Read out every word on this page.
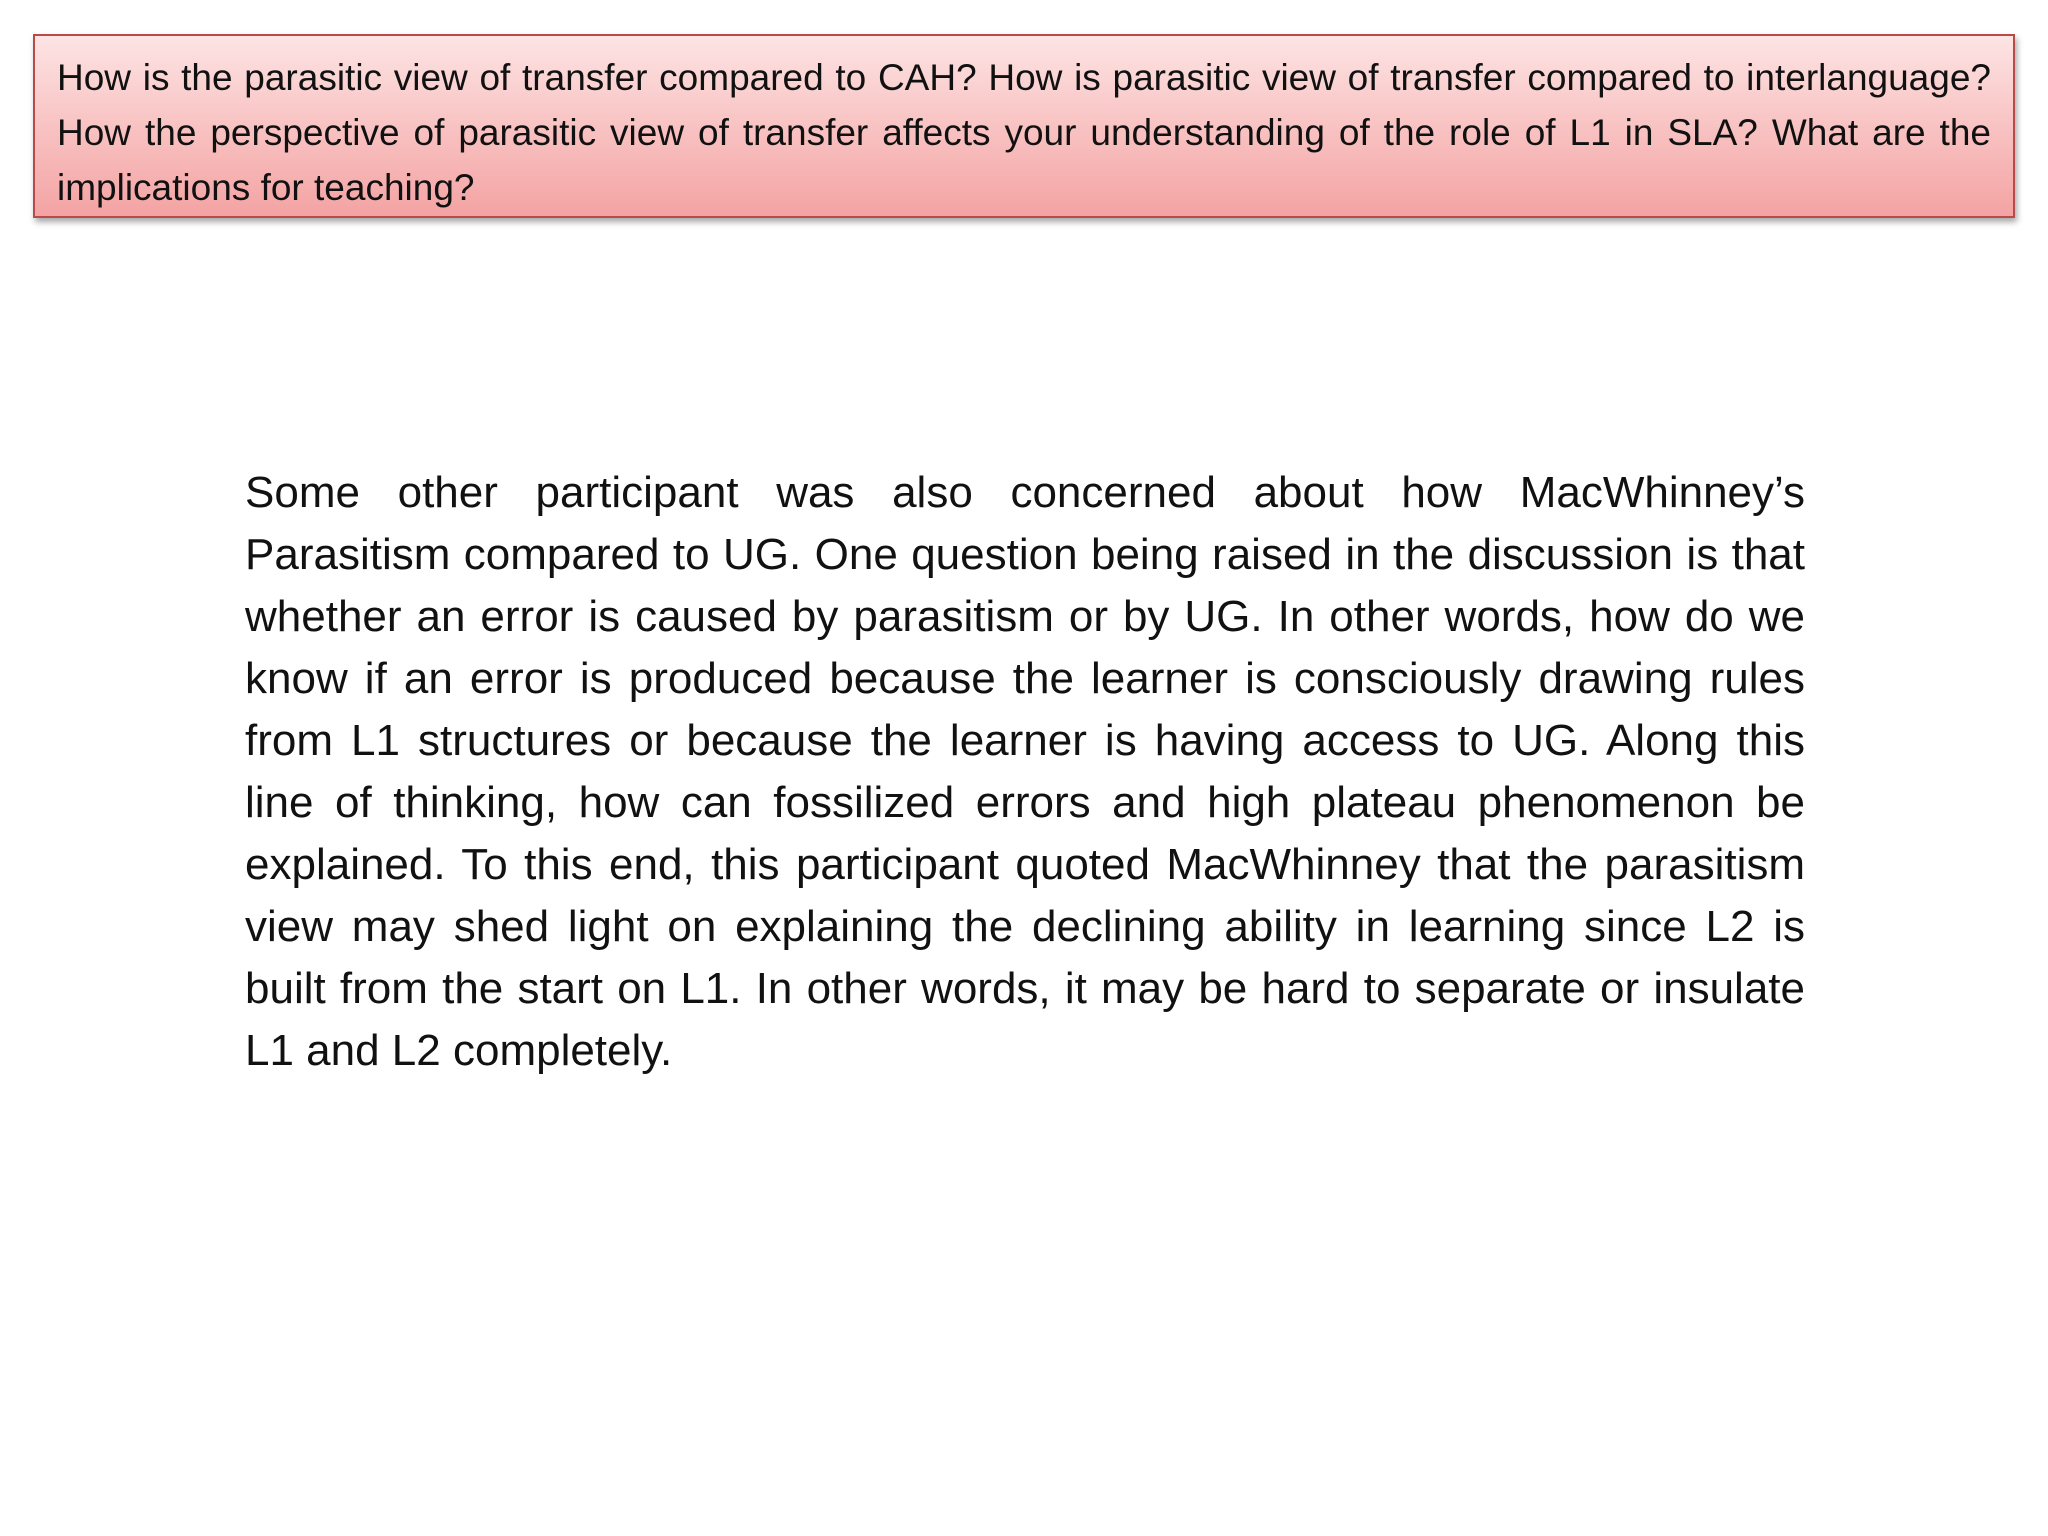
How is the parasitic view of transfer compared to CAH? How is parasitic view of transfer compared to interlanguage? How the perspective of parasitic view of transfer affects your understanding of the role of L1 in SLA? What are the implications for teaching?

Some other participant was also concerned about how MacWhinney’s Parasitism compared to UG. One question being raised in the discussion is that whether an error is caused by parasitism or by UG. In other words, how do we know if an error is produced because the learner is consciously drawing rules from L1 structures or because the learner is having access to UG. Along this line of thinking, how can fossilized errors and high plateau phenomenon be explained. To this end, this participant quoted MacWhinney that the parasitism view may shed light on explaining the declining ability in learning since L2 is built from the start on L1. In other words, it may be hard to separate or insulate L1 and L2 completely.
